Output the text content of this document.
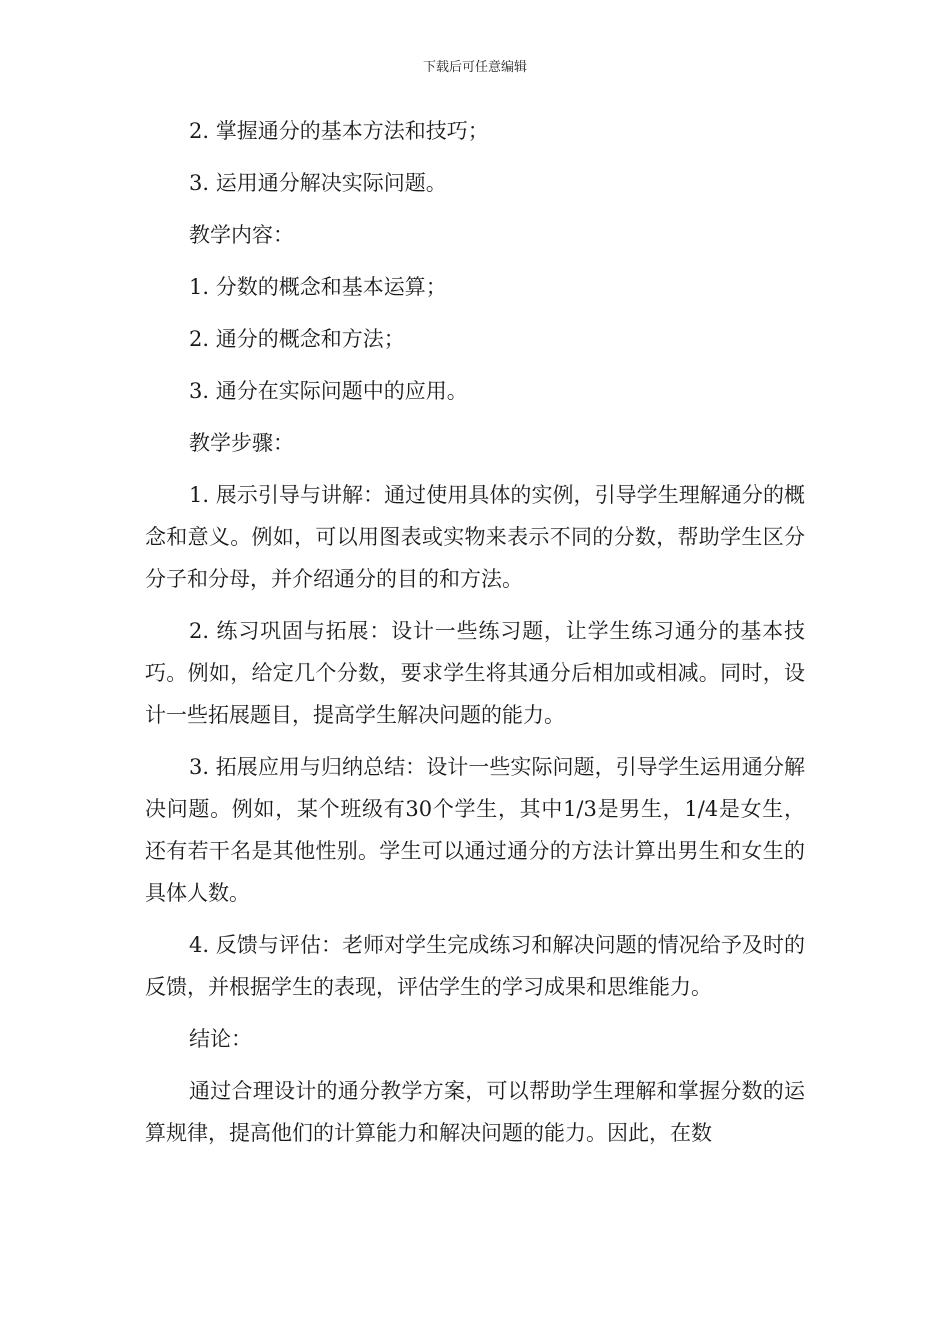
下载后可任意编辑

2. 掌握通分的基本方法和技巧；

3. 运用通分解决实际问题。

教学内容：

1. 分数的概念和基本运算；

2. 通分的概念和方法；

3. 通分在实际问题中的应用。

教学步骤：

1. 展示引导与讲解：通过使用具体的实例，引导学生理解通分的概念和意义。例如，可以用图表或实物来表示不同的分数，帮助学生区分分子和分母，并介绍通分的目的和方法。

2. 练习巩固与拓展：设计一些练习题，让学生练习通分的基本技巧。例如，给定几个分数，要求学生将其通分后相加或相减。同时，设计一些拓展题目，提高学生解决问题的能力。

3. 拓展应用与归纳总结：设计一些实际问题，引导学生运用通分解决问题。例如，某个班级有30个学生，其中1/3是男生，1/4是女生，还有若干名是其他性别。学生可以通过通分的方法计算出男生和女生的具体人数。

4. 反馈与评估：老师对学生完成练习和解决问题的情况给予及时的反馈，并根据学生的表现，评估学生的学习成果和思维能力。

结论：

通过合理设计的通分教学方案，可以帮助学生理解和掌握分数的运算规律，提高他们的计算能力和解决问题的能力。因此，在数
